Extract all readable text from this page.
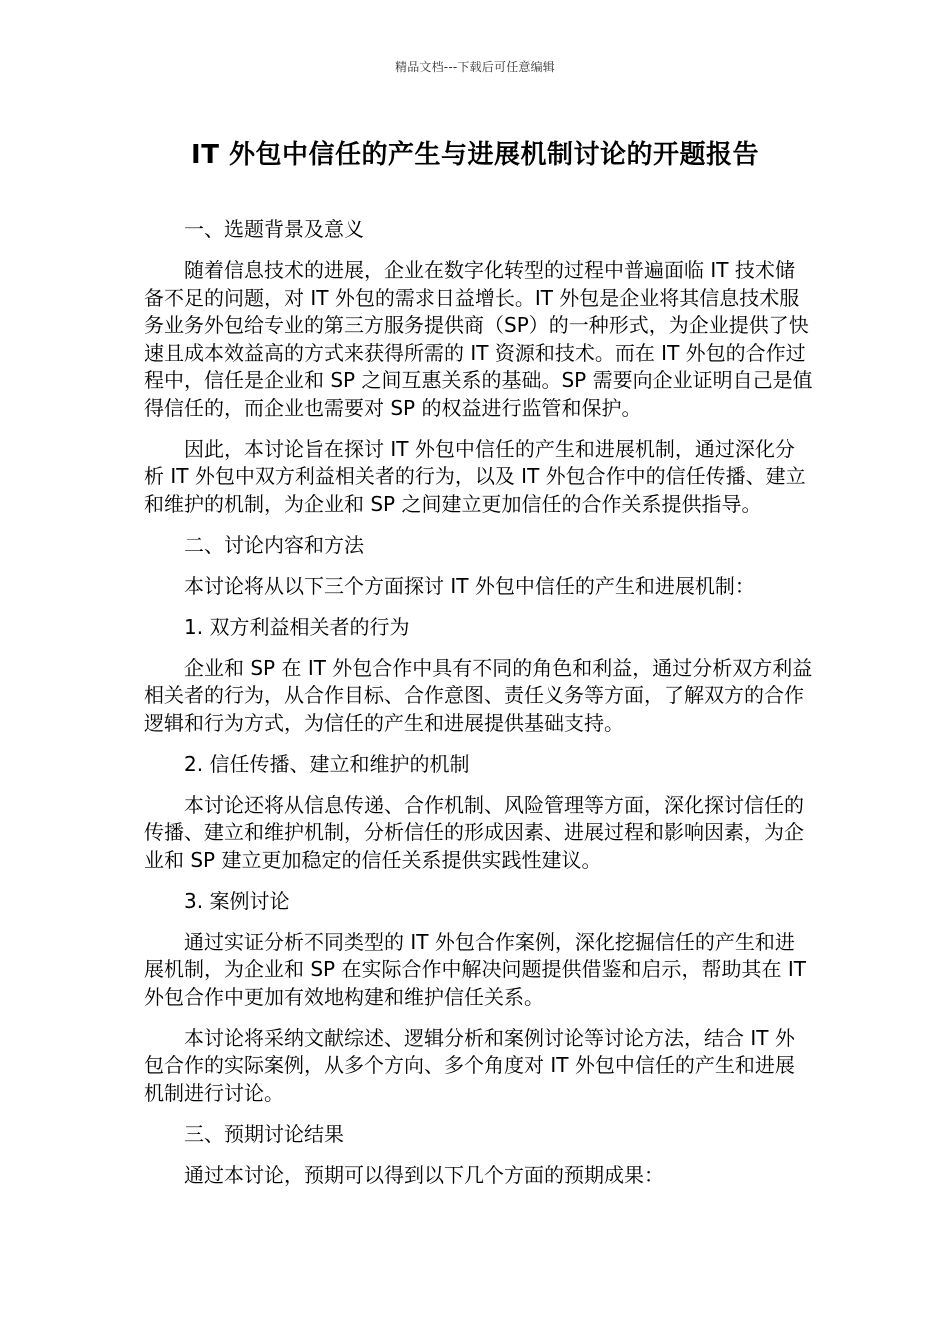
精品文档---下载后可任意编辑
IT 外包中信任的产生与进展机制讨论的开题报告

一、选题背景及意义

随着信息技术的进展，企业在数字化转型的过程中普遍面临 IT 技术储备不足的问题，对 IT 外包的需求日益增长。IT 外包是企业将其信息技术服务业务外包给专业的第三方服务提供商（SP）的一种形式，为企业提供了快速且成本效益高的方式来获得所需的 IT 资源和技术。而在 IT 外包的合作过程中，信任是企业和 SP 之间互惠关系的基础。SP 需要向企业证明自己是值得信任的，而企业也需要对 SP 的权益进行监管和保护。

因此，本讨论旨在探讨 IT 外包中信任的产生和进展机制，通过深化分析 IT 外包中双方利益相关者的行为，以及 IT 外包合作中的信任传播、建立和维护的机制，为企业和 SP 之间建立更加信任的合作关系提供指导。

二、讨论内容和方法

本讨论将从以下三个方面探讨 IT 外包中信任的产生和进展机制：

1. 双方利益相关者的行为

企业和 SP 在 IT 外包合作中具有不同的角色和利益，通过分析双方利益相关者的行为，从合作目标、合作意图、责任义务等方面，了解双方的合作逻辑和行为方式，为信任的产生和进展提供基础支持。

2. 信任传播、建立和维护的机制

本讨论还将从信息传递、合作机制、风险管理等方面，深化探讨信任的传播、建立和维护机制，分析信任的形成因素、进展过程和影响因素，为企业和 SP 建立更加稳定的信任关系提供实践性建议。

3. 案例讨论

通过实证分析不同类型的 IT 外包合作案例，深化挖掘信任的产生和进展机制，为企业和 SP 在实际合作中解决问题提供借鉴和启示，帮助其在 IT 外包合作中更加有效地构建和维护信任关系。

本讨论将采纳文献综述、逻辑分析和案例讨论等讨论方法，结合 IT 外包合作的实际案例，从多个方向、多个角度对 IT 外包中信任的产生和进展机制进行讨论。

三、预期讨论结果

通过本讨论，预期可以得到以下几个方面的预期成果：
